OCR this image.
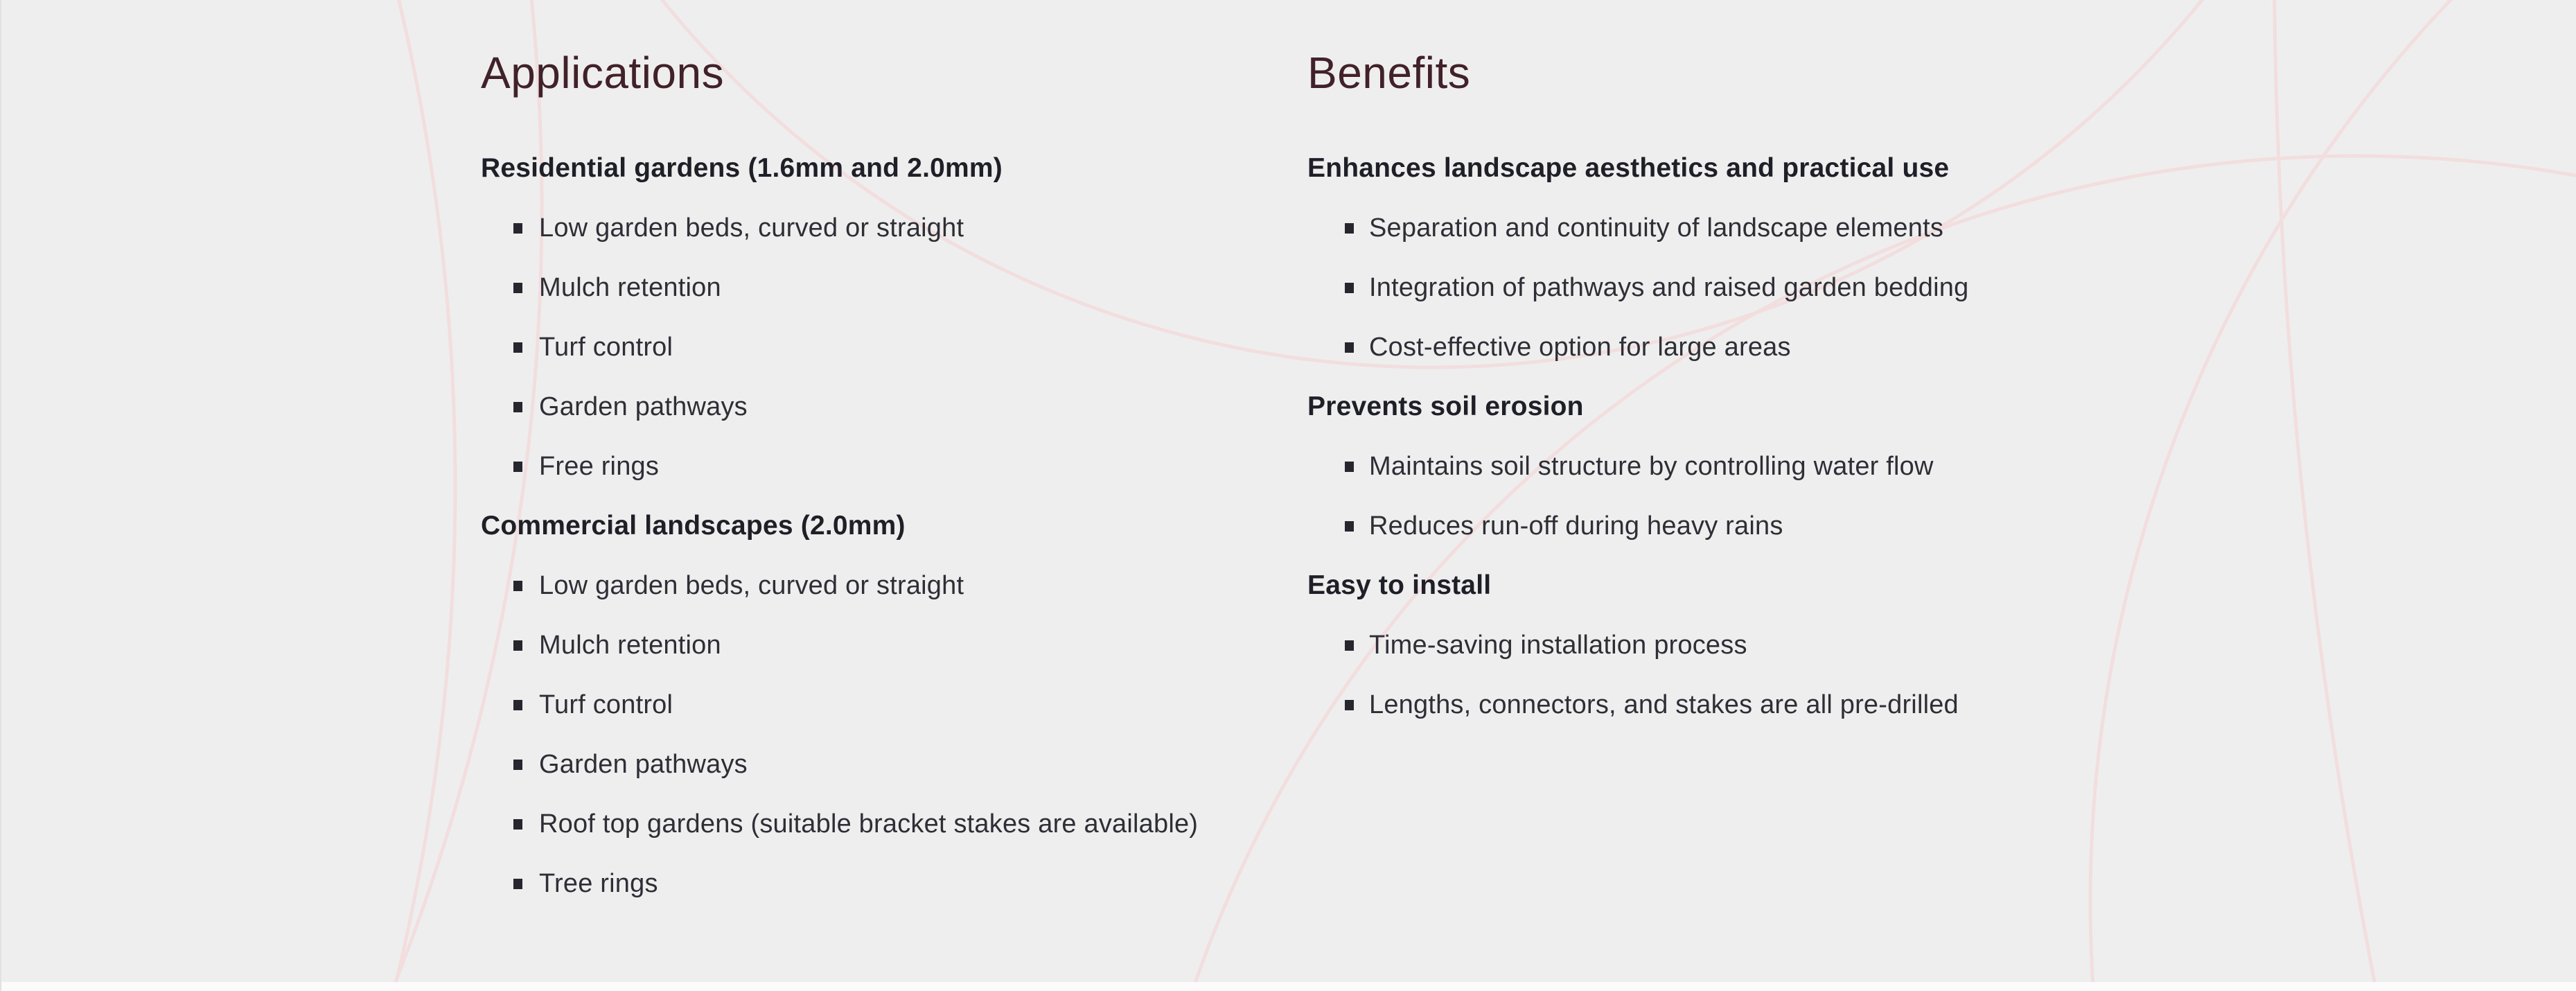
Applications
Residential gardens (1.6mm and 2.0mm)
Low garden beds, curved or straight
Mulch retention
Turf control
Garden pathways
Free rings
Commercial landscapes (2.0mm)
Low garden beds, curved or straight
Mulch retention
Turf control
Garden pathways
Roof top gardens (suitable bracket stakes are available)
Tree rings
Benefits
Enhances landscape aesthetics and practical use
Separation and continuity of landscape elements
Integration of pathways and raised garden bedding
Cost-effective option for large areas
Prevents soil erosion
Maintains soil structure by controlling water flow
Reduces run-off during heavy rains
Easy to install
Time-saving installation process
Lengths, connectors, and stakes are all pre-drilled
